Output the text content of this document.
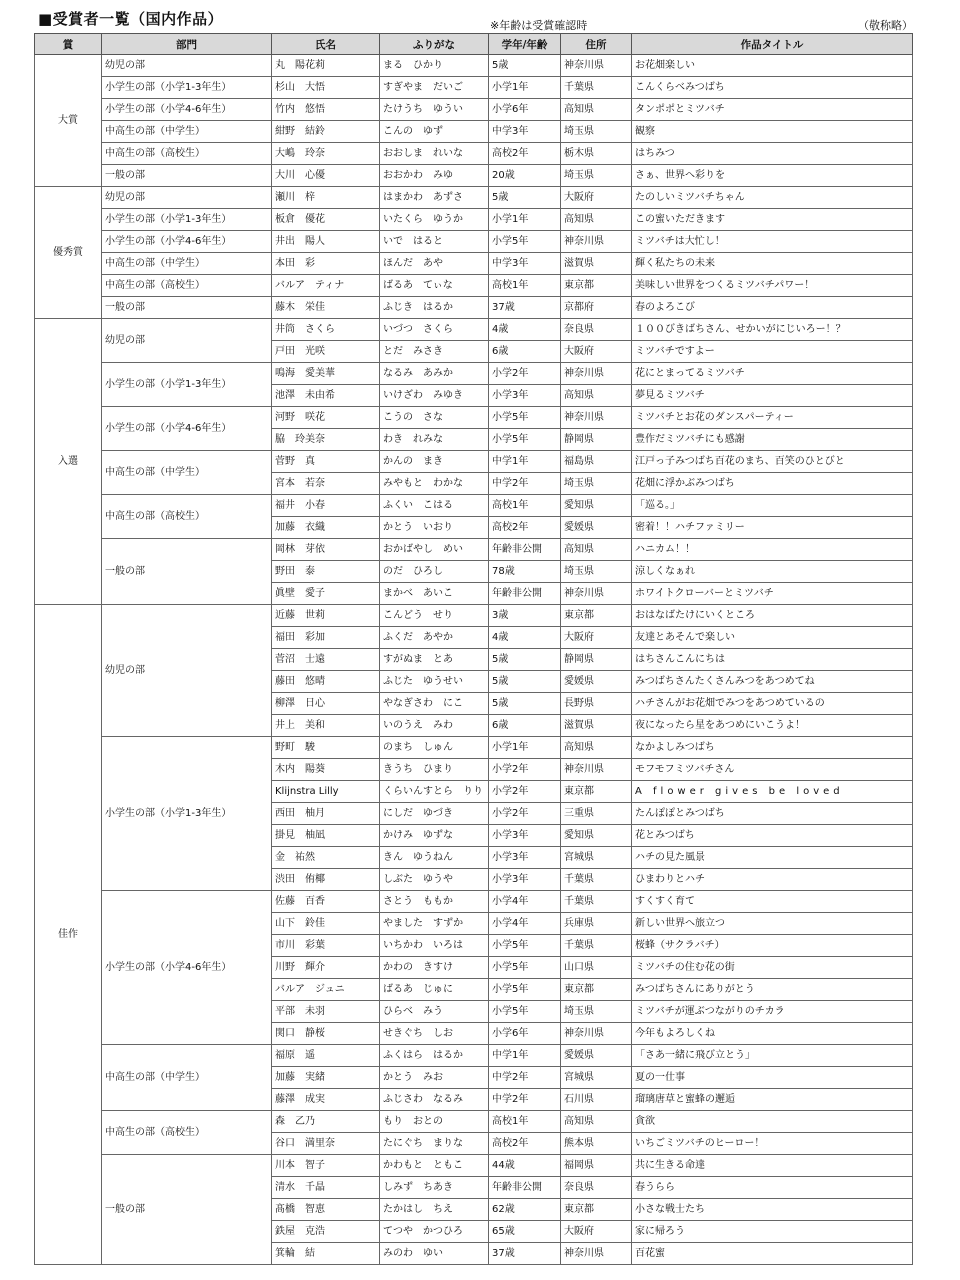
■受賞者一覧（国内作品）	※年齢は受賞確認時	（敬称略）
賞	部門	氏名	ふりがな	学年/年齢	住所	作品タイトル
大賞	幼児の部	丸　陽花莉	まる　ひかり	5歳	神奈川県	お花畑楽しい
	小学生の部（小学1-3年生）	杉山　大悟	すぎやま　だいご	小学1年	千葉県	こんくらべみつばち
	小学生の部（小学4-6年生）	竹内　悠悟	たけうち　ゆうい	小学6年	高知県	タンポポとミツバチ
	中高生の部（中学生）	紺野　結鈴	こんの　ゆず	中学3年	埼玉県	観察
	中高生の部（高校生）	大嶋　玲奈	おおしま　れいな	高校2年	栃木県	はちみつ
	一般の部	大川　心優	おおかわ　みゆ	20歳	埼玉県	さぁ、世界へ彩りを
優秀賞	幼児の部	瀬川　梓	はまかわ　あずさ	5歳	大阪府	たのしいミツバチちゃん
	小学生の部（小学1-3年生）	板倉　優花	いたくら　ゆうか	小学1年	高知県	この蜜いただきます
	小学生の部（小学4-6年生）	井出　陽人	いで　はると	小学5年	神奈川県	ミツバチは大忙し！
	中高生の部（中学生）	本田　彩	ほんだ　あや	中学3年	滋賀県	輝く私たちの未来
	中高生の部（高校生）	バルア　ティナ	ばるあ　てぃな	高校1年	東京都	美味しい世界をつくるミツバチパワー！
	一般の部	藤木　栄佳	ふじき　はるか	37歳	京都府	春のよろこび
入選	幼児の部	井筒　さくら	いづつ　さくら	4歳	奈良県	１００びきばちさん、せかいがにじいろー！？
		戸田　光咲	とだ　みさき	6歳	大阪府	ミツバチですよー
	小学生の部（小学1-3年生）	鳴海　愛美華	なるみ　あみか	小学2年	神奈川県	花にとまってるミツバチ
		池澤　未由希	いけざわ　みゆき	小学3年	高知県	夢見るミツバチ
	小学生の部（小学4-6年生）	河野　咲花	こうの　さな	小学5年	神奈川県	ミツバチとお花のダンスパーティー
		脇　玲美奈	わき　れみな	小学5年	静岡県	豊作だミツバチにも感謝
	中高生の部（中学生）	菅野　真	かんの　まき	中学1年	福島県	江戸っ子みつばち百花のまち、百笑のひとびと
		宮本　若奈	みやもと　わかな	中学2年	埼玉県	花畑に浮かぶみつばち
	中高生の部（高校生）	福井　小春	ふくい　こはる	高校1年	愛知県	「巡る。」
		加藤　衣織	かとう　いおり	高校2年	愛媛県	密着！！ハチファミリー
	一般の部	岡林　芽依	おかばやし　めい	年齢非公開	高知県	ハニカム！！
		野田　泰	のだ　ひろし	78歳	埼玉県	涼しくなぁれ
		眞壁　愛子	まかべ　あいこ	年齢非公開	神奈川県	ホワイトクローバーとミツバチ
佳作	幼児の部	近藤　世莉	こんどう　せり	3歳	東京都	おはなばたけにいくところ
		福田　彩加	ふくだ　あやか	4歳	大阪府	友達とあそんで楽しい
		菅沼　士遠	すがぬま　とあ	5歳	静岡県	はちさんこんにちは
		藤田　悠晴	ふじた　ゆうせい	5歳	愛媛県	みつばちさんたくさんみつをあつめてね
		柳澤　日心	やなぎさわ　にこ	5歳	長野県	ハチさんがお花畑でみつをあつめているの
		井上　美和	いのうえ　みわ	6歳	滋賀県	夜になったら星をあつめにいこうよ！
	小学生の部（小学1-3年生）	野町　駿	のまち　しゅん	小学1年	高知県	なかよしみつばち
		木内　陽葵	きうち　ひまり	小学2年	神奈川県	モフモフミツバチさん
		Klijnstra Lilly	くらいんすとら　りり	小学2年	東京都	A flower gives be loved
		西田　柚月	にしだ　ゆづき	小学2年	三重県	たんぽぽとみつばち
		掛見　柚凪	かけみ　ゆずな	小学3年	愛知県	花とみつばち
		金　祐然	きん　ゆうねん	小学3年	宮城県	ハチの見た風景
		渋田　侑椰	しぶた　ゆうや	小学3年	千葉県	ひまわりとハチ
	小学生の部（小学4-6年生）	佐藤　百香	さとう　ももか	小学4年	千葉県	すくすく育て
		山下　鈴佳	やました　すずか	小学4年	兵庫県	新しい世界へ旅立つ
		市川　彩葉	いちかわ　いろは	小学5年	千葉県	桜蜂（サクラバチ）
		川野　輝介	かわの　きすけ	小学5年	山口県	ミツバチの住む花の街
		バルア　ジュニ	ばるあ　じゅに	小学5年	東京都	みつばちさんにありがとう
		平部　未羽	ひらべ　みう	小学5年	埼玉県	ミツバチが運ぶつながりのチカラ
		関口　静桜	せきぐち　しお	小学6年	神奈川県	今年もよろしくね
	中高生の部（中学生）	福原　遥	ふくはら　はるか	中学1年	愛媛県	「さあ一緒に飛び立とう」
		加藤　実緒	かとう　みお	中学2年	宮城県	夏の一仕事
		藤澤　成実	ふじさわ　なるみ	中学2年	石川県	瑠璃唐草と蜜蜂の邂逅
	中高生の部（高校生）	森　乙乃	もり　おとの	高校1年	高知県	貪欲
		谷口　満里奈	たにぐち　まりな	高校2年	熊本県	いちごミツバチのヒーロー！
	一般の部	川本　智子	かわもと　ともこ	44歳	福岡県	共に生きる命達
		清水　千晶	しみず　ちあき	年齢非公開	奈良県	春うらら
		髙橋　智恵	たかはし　ちえ	62歳	東京都	小さな戦士たち
		鉄屋　克浩	てつや　かつひろ	65歳	大阪府	家に帰ろう
		箕輪　結	みのわ　ゆい	37歳	神奈川県	百花蜜
